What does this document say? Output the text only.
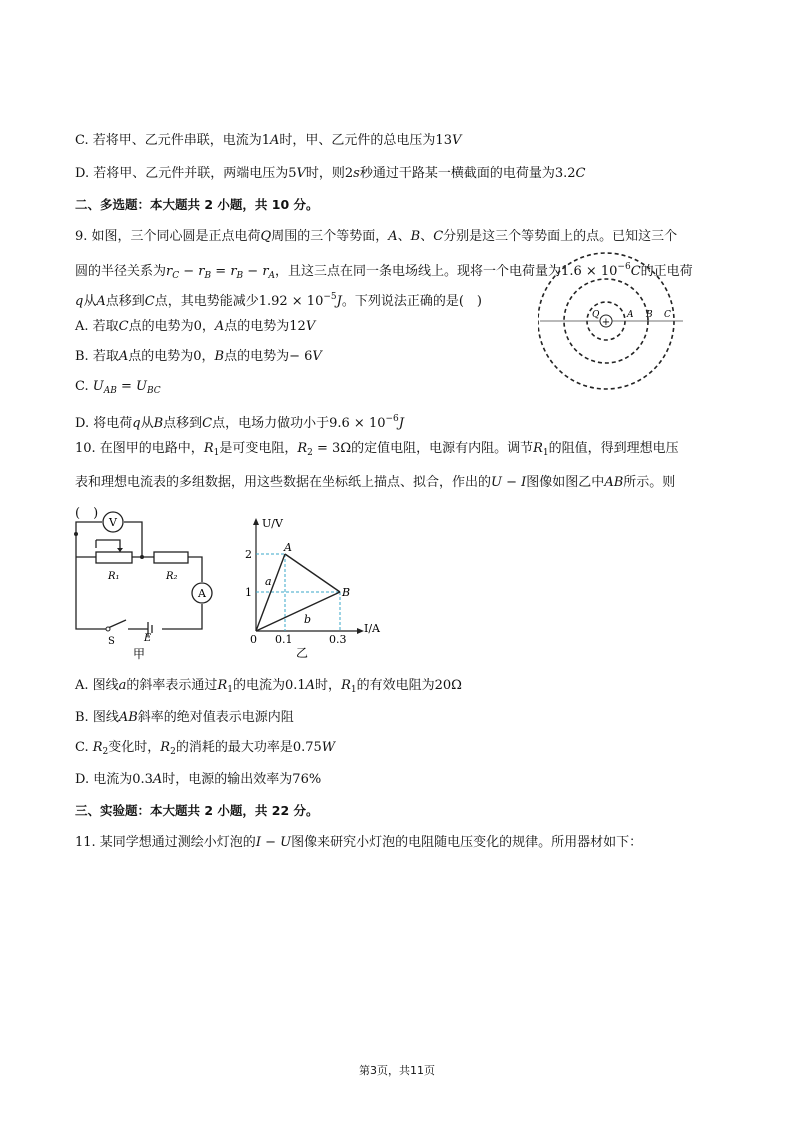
C. 若将甲、乙元件串联，电流为1A时，甲、乙元件的总电压为13V
D. 若将甲、乙元件并联，两端电压为5V时，则2s秒通过干路某一横截面的电荷量为3.2C
二、多选题：本大题共 2 小题，共 10 分。
9. 如图，三个同心圆是正点电荷Q周围的三个等势面，A、B、C分别是这三个等势面上的点。已知这三个
圆的半径关系为$r_C - r_B = r_B - r_A$，且这三点在同一条电场线上。现将一个电荷量为$1.6 \times 10^{-6}C$的正电荷
q从A点移到C点，其电势能减少$1.92 \times 10^{-5}J$。下列说法正确的是(　)
A. 若取C点的电势为0，A点的电势为12V
B. 若取A点的电势为0，B点的电势为− 6V
C. $U_{AB} = U_{BC}$
D. 将电荷q从B点移到C点，电场力做功小于$9.6 \times 10^{-6}J$
+
Q	A B C
10. 在图甲的电路中，$R_1$是可变电阻，$R_2 = 3\Omega$的定值电阻，电源有内阻。调节$R_1$的阻值，得到理想电压
表和理想电流表的多组数据，用这些数据在坐标纸上描点、拟合，作出的U − I图像如图乙中AB所示。则
(　)
V
A
R₁	R₂
S	E
甲
U/V
I/A
2
1
0 0.1	0.3
A
B
a
b
乙
A. 图线a的斜率表示通过$R_1$的电流为0.1A时，$R_1$的有效电阻为20Ω
B. 图线AB斜率的绝对值表示电源内阻
C. $R_2$变化时，$R_2$的消耗的最大功率是0.75W
D. 电流为0.3A时，电源的输出效率为76%
三、实验题：本大题共 2 小题，共 22 分。
11. 某同学想通过测绘小灯泡的I − U图像来研究小灯泡的电阻随电压变化的规律。所用器材如下：
第3页，共11页
